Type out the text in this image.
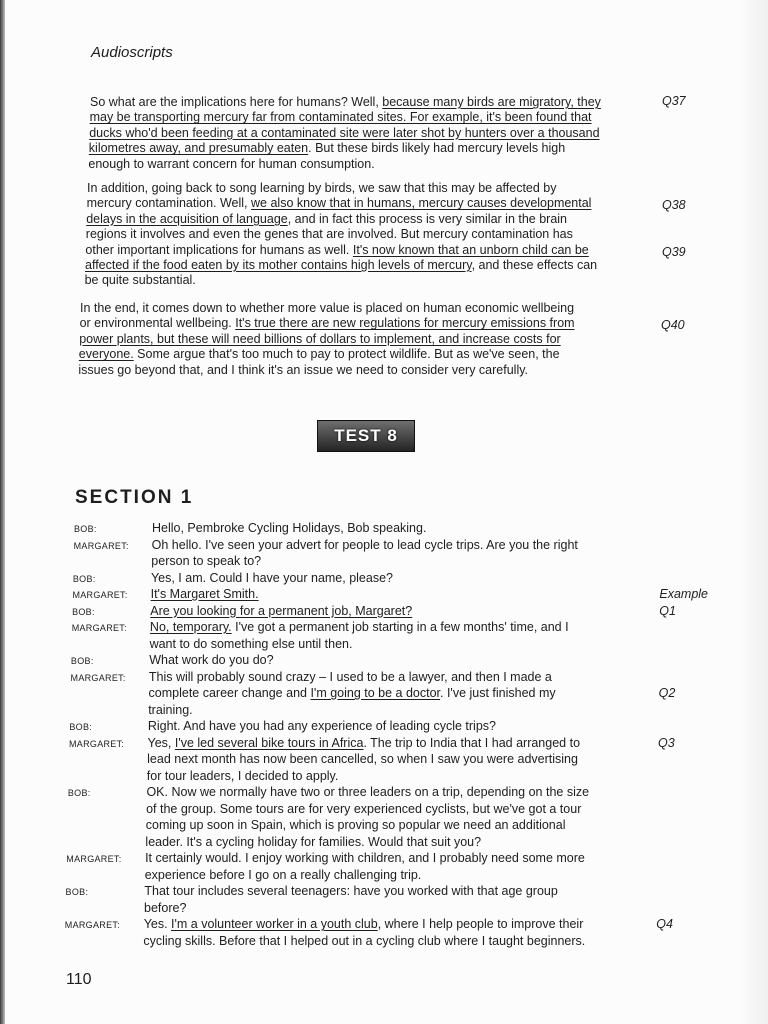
Audioscripts
So what are the implications here for humans? Well, because many birds are migratory, they
may be transporting mercury far from contaminated sites. For example, it's been found that
ducks who'd been feeding at a contaminated site were later shot by hunters over a thousand
kilometres away, and presumably eaten. But these birds likely had mercury levels high
enough to warrant concern for human consumption.
In addition, going back to song learning by birds, we saw that this may be affected by
mercury contamination. Well, we also know that in humans, mercury causes developmental
delays in the acquisition of language, and in fact this process is very similar in the brain
regions it involves and even the genes that are involved. But mercury contamination has
other important implications for humans as well. It's now known that an unborn child can be
affected if the food eaten by its mother contains high levels of mercury, and these effects can
be quite substantial.
In the end, it comes down to whether more value is placed on human economic wellbeing
or environmental wellbeing. It's true there are new regulations for mercury emissions from
power plants, but these will need billions of dollars to implement, and increase costs for
everyone. Some argue that's too much to pay to protect wildlife. But as we've seen, the
issues go beyond that, and I think it's an issue we need to consider very carefully.
Q37
Q38
Q39
Q40
TEST 8
SECTION 1
BOB:	Hello, Pembroke Cycling Holidays, Bob speaking.
MARGARET: Oh hello. I've seen your advert for people to lead cycle trips. Are you the right
person to speak to?
BOB:	Yes, I am. Could I have your name, please?
MARGARET: It's Margaret Smith.	Example
BOB:	Are you looking for a permanent job, Margaret?	Q1
MARGARET: No, temporary. I've got a permanent job starting in a few months' time, and I
want to do something else until then.
BOB:	What work do you do?
MARGARET: This will probably sound crazy – I used to be a lawyer, and then I made a
complete career change and I'm going to be a doctor. I've just finished my
training.
Q2
BOB:	Right. And have you had any experience of leading cycle trips?
MARGARET: Yes, I've led several bike tours in Africa. The trip to India that I had arranged to
lead next month has now been cancelled, so when I saw you were advertising
for tour leaders, I decided to apply.
Q3
BOB:	OK. Now we normally have two or three leaders on a trip, depending on the size
of the group. Some tours are for very experienced cyclists, but we've got a tour
coming up soon in Spain, which is proving so popular we need an additional
leader. It's a cycling holiday for families. Would that suit you?
MARGARET: It certainly would. I enjoy working with children, and I probably need some more
experience before I go on a really challenging trip.
BOB:	That tour includes several teenagers: have you worked with that age group
before?
MARGARET: Yes. I'm a volunteer worker in a youth club, where I help people to improve their
cycling skills. Before that I helped out in a cycling club where I taught beginners.
Q4
110
